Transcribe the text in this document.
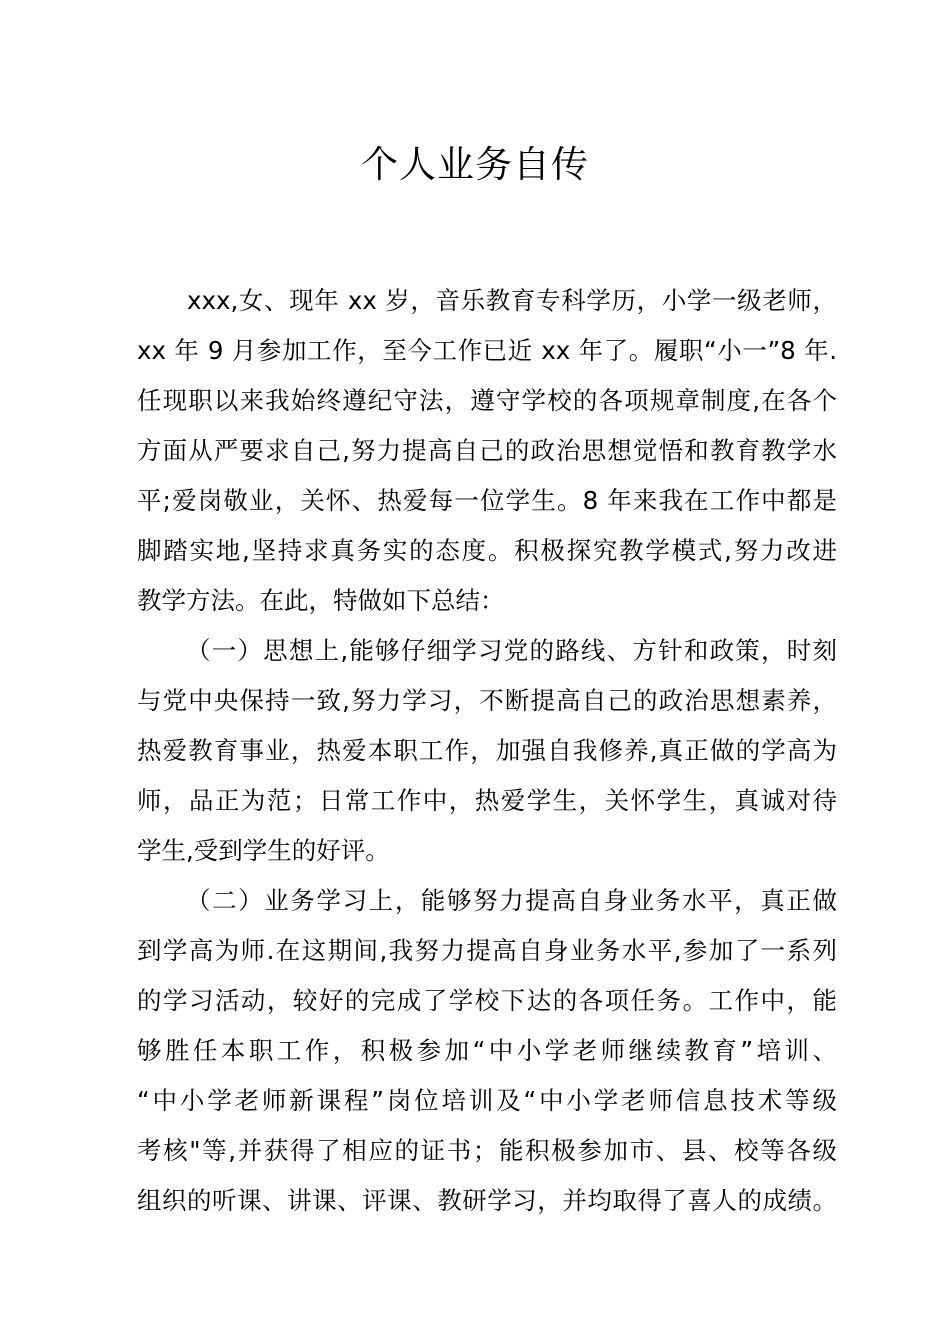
个人业务自传
xxx,女、现年 xx 岁，音乐教育专科学历，小学一级老师，
xx 年 9 月参加工作，至今工作已近 xx 年了。履职“小一”8 年.
任现职以来我始终遵纪守法，遵守学校的各项规章制度,在各个
方面从严要求自己,努力提高自己的政治思想觉悟和教育教学水
平;爱岗敬业，关怀、热爱每一位学生。8 年来我在工作中都是
脚踏实地,坚持求真务实的态度。积极探究教学模式,努力改进
教学方法。在此，特做如下总结：
（一）思想上,能够仔细学习党的路线、方针和政策，时刻
与党中央保持一致,努力学习，不断提高自己的政治思想素养，
热爱教育事业，热爱本职工作，加强自我修养,真正做的学高为
师，品正为范；日常工作中，热爱学生，关怀学生，真诚对待
学生,受到学生的好评。
（二）业务学习上，能够努力提高自身业务水平，真正做
到学高为师.在这期间,我努力提高自身业务水平,参加了一系列
的学习活动，较好的完成了学校下达的各项任务。工作中，能
够胜任本职工作，积极参加“中小学老师继续教育”培训、
“中小学老师新课程”岗位培训及“中小学老师信息技术等级
考核"等,并获得了相应的证书；能积极参加市、县、校等各级
组织的听课、讲课、评课、教研学习，并均取得了喜人的成绩。
